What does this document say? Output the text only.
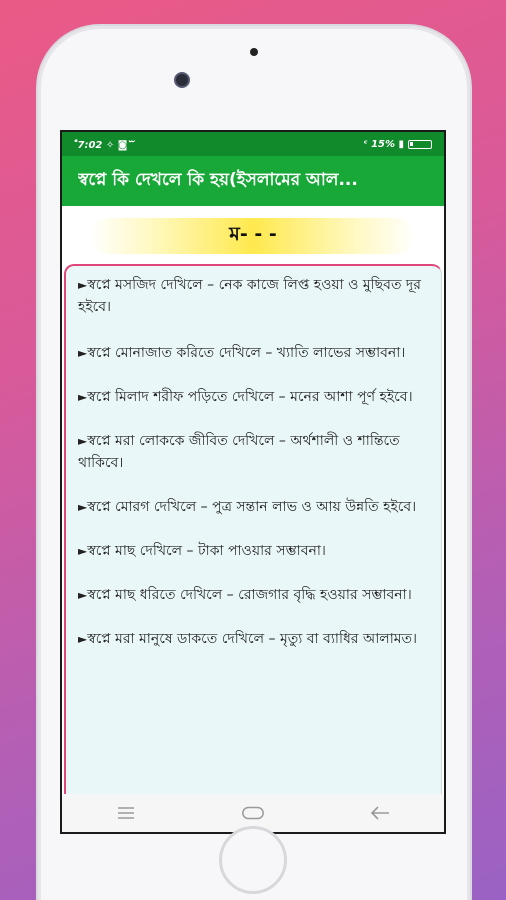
ᷧᷧ 7:02 ✧ ◙ ᷓ	ᶜ 15% ▮
স্বপ্নে কি দেখলে কি হয়(ইসলামের আল...
ম- - -
►স্বপ্নে মসজিদ দেখিলে – নেক কাজে লিপ্ত হওয়া ও মুছিবত দূর হইবে।
►স্বপ্নে মোনাজাত করিতে দেখিলে – খ্যাতি লাভের সম্ভাবনা।
►স্বপ্নে মিলাদ শরীফ পড়িতে দেখিলে – মনের আশা পূর্ণ হইবে।
►স্বপ্নে মরা লোককে জীবিত দেখিলে – অর্থশালী ও শান্তিতে থাকিবে।
►স্বপ্নে মোরগ দেখিলে – পুত্র সন্তান লাভ ও আয় উন্নতি হইবে।
►স্বপ্নে মাছ দেখিলে – টাকা পাওয়ার সম্ভাবনা।
►স্বপ্নে মাছ ধরিতে দেখিলে – রোজগার বৃদ্ধি হওয়ার সম্ভাবনা।
►স্বপ্নে মরা মানুষে ডাকতে দেখিলে – মৃত্যু বা ব্যাধির আলামত।
